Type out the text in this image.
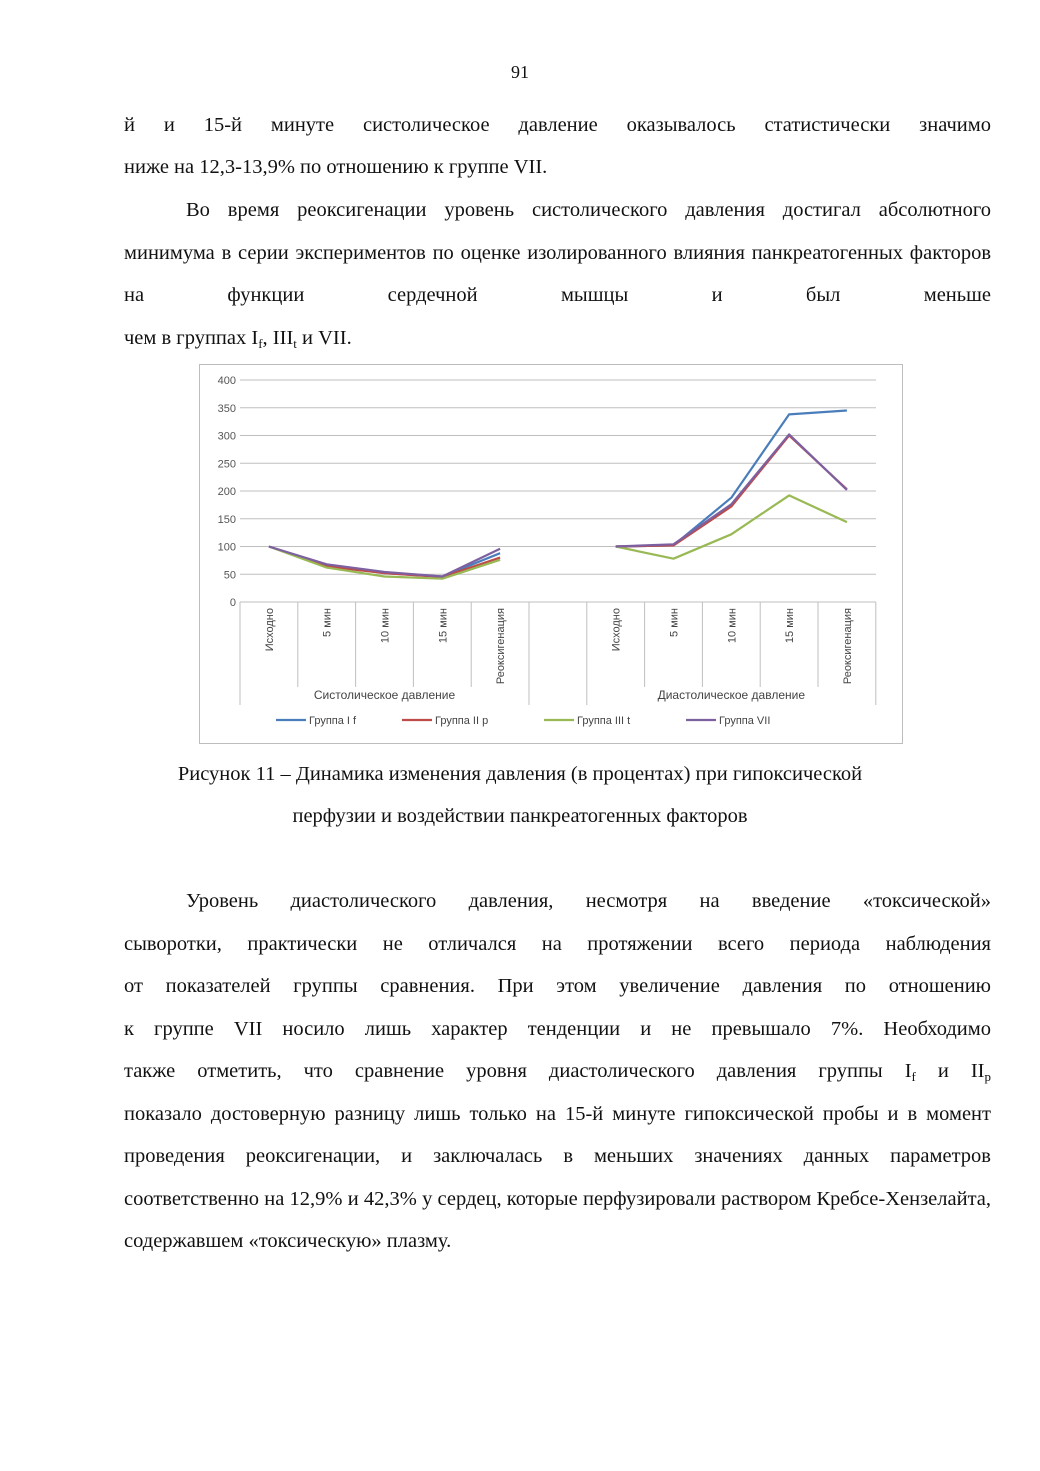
91

й и 15-й минуте систолическое давление оказывалось статистически значимо

ниже на 12,3-13,9% по отношению к группе VII.

Во время реоксигенации уровень систолического давления достигал абсолютного минимума в серии экспериментов по оценке изолированного влияния панкреатогенных факторов на функции сердечной мышцы и был меньше
чем в группах $I_f$, $III_t$ и VII.
0
50
100
150
200
250
300
350
400
Исходно	5 мин	10 мин	15 мин	Реоксигенация
Систолическое давление
Исходно	5 мин	10 мин	15 мин	Реоксигенация
Диастолическое давление
Группа I f	Группа II p	Группа III t	Группа VII
Рисунок 11 – Динамика изменения давления (в процентах) при гипоксической
перфузии и воздействии панкреатогенных факторов
Уровень диастолического давления, несмотря на введение «токсической»
сыворотки, практически не отличался на протяжении всего периода наблюдения
от показателей группы сравнения. При этом увеличение давления по отношению
к группе VII носило лишь характер тенденции и не превышало 7%. Необходимо
также отметить, что сравнение уровня диастолического давления группы $I_f$ и $II_p$
показало достоверную разницу лишь только на 15-й минуте гипоксической пробы и в момент проведения реоксигенации, и заключалась в меньших значениях данных параметров соответственно на 12,9% и 42,3% у сердец, которые перфузировали раствором Кребсе-Хензелайта, содержавшем «токсическую» плазму.
